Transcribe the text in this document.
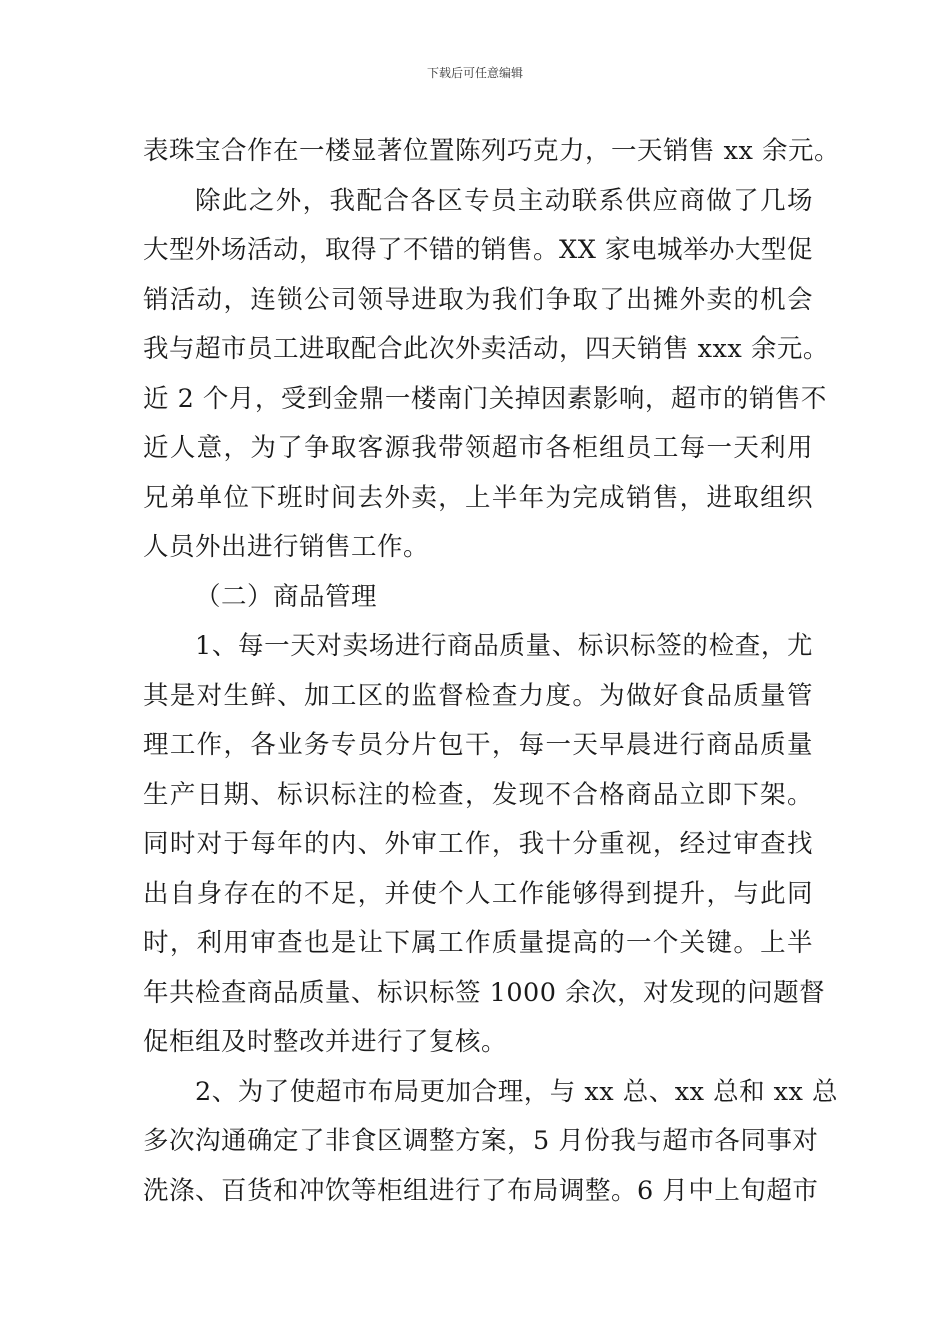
下载后可任意编辑
表珠宝合作在一楼显著位置陈列巧克力，一天销售 xx 余元。
除此之外，我配合各区专员主动联系供应商做了几场
大型外场活动，取得了不错的销售。XX 家电城举办大型促
销活动，连锁公司领导进取为我们争取了出摊外卖的机会
我与超市员工进取配合此次外卖活动，四天销售 xxx 余元。
近 2 个月，受到金鼎一楼南门关掉因素影响，超市的销售不
近人意，为了争取客源我带领超市各柜组员工每一天利用
兄弟单位下班时间去外卖，上半年为完成销售，进取组织
人员外出进行销售工作。
（二）商品管理
1、每一天对卖场进行商品质量、标识标签的检查，尤
其是对生鲜、加工区的监督检查力度。为做好食品质量管
理工作，各业务专员分片包干，每一天早晨进行商品质量
生产日期、标识标注的检查，发现不合格商品立即下架。
同时对于每年的内、外审工作，我十分重视，经过审查找
出自身存在的不足，并使个人工作能够得到提升，与此同
时，利用审查也是让下属工作质量提高的一个关键。上半
年共检查商品质量、标识标签 1000 余次，对发现的问题督
促柜组及时整改并进行了复核。
2、为了使超市布局更加合理，与 xx 总、xx 总和 xx 总
多次沟通确定了非食区调整方案，5 月份我与超市各同事对
洗涤、百货和冲饮等柜组进行了布局调整。6 月中上旬超市
